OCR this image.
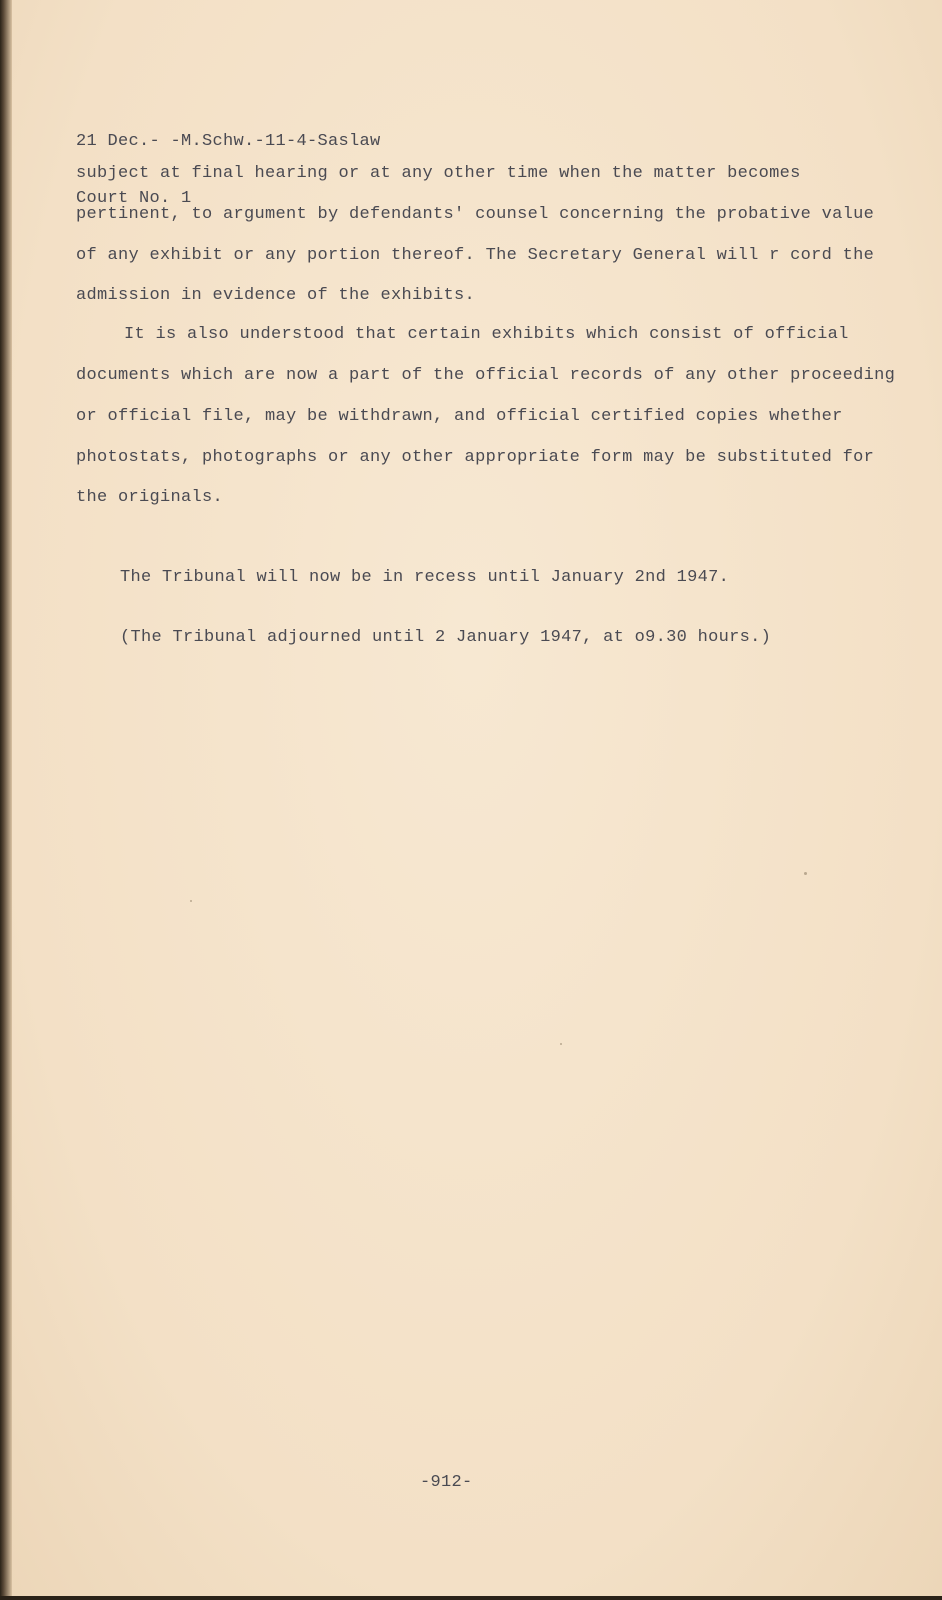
21 Dec.- -M.Schw.-11-4-Saslaw

Court No. 1

subject at final hearing or at any other time when the matter becomes
pertinent, to argument by defendants' counsel concerning the probative value
of any exhibit or any portion thereof. The Secretary General will r cord the
admission in evidence of the exhibits.
It is also understood that certain exhibits which consist of official
documents which are now a part of the official records of any other proceeding
or official file, may be withdrawn, and official certified copies whether
photostats, photographs or any other appropriate form may be substituted for
the originals.

The Tribunal will now be in recess until January 2nd 1947.

(The Tribunal adjourned until 2 January 1947, at o9.30 hours.)

-912-
